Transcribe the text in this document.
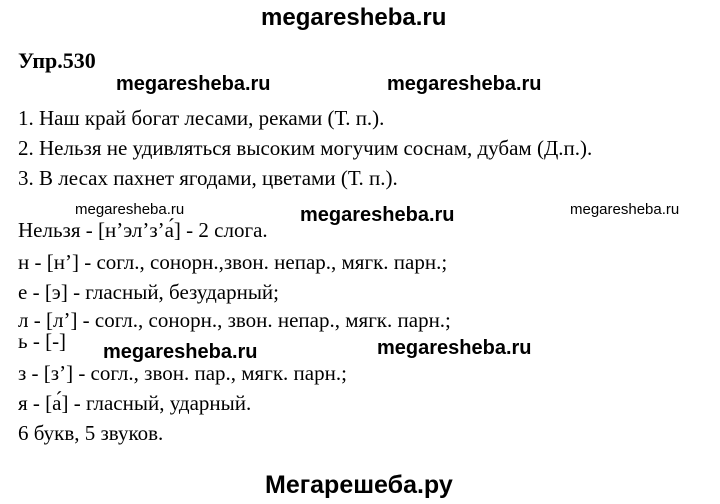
megaresheba.ru
Упр.530
megaresheba.ru	megaresheba.ru
1. Наш край богат лесами, реками (Т. п.).
2. Нельзя не удивляться высоким могучим соснам, дубам (Д.п.).
3. В лесах пахнет ягодами, цветами (Т. п.).
megaresheba.ru	megaresheba.ru	megaresheba.ru
Нельзя - [н’эл’з’а́] - 2 слога.
н - [н’] - согл., сонорн.,звон. непар., мягк. парн.;
е - [э] - гласный, безударный;
л - [л’] - согл., сонорн., звон. непар., мягк. парн.;
ь - [-] megaresheba.ru	megaresheba.ru
з - [з’] - согл., звон. пар., мягк. парн.;
я - [а́] - гласный, ударный.
6 букв, 5 звуков.
Мегарешеба.ру
